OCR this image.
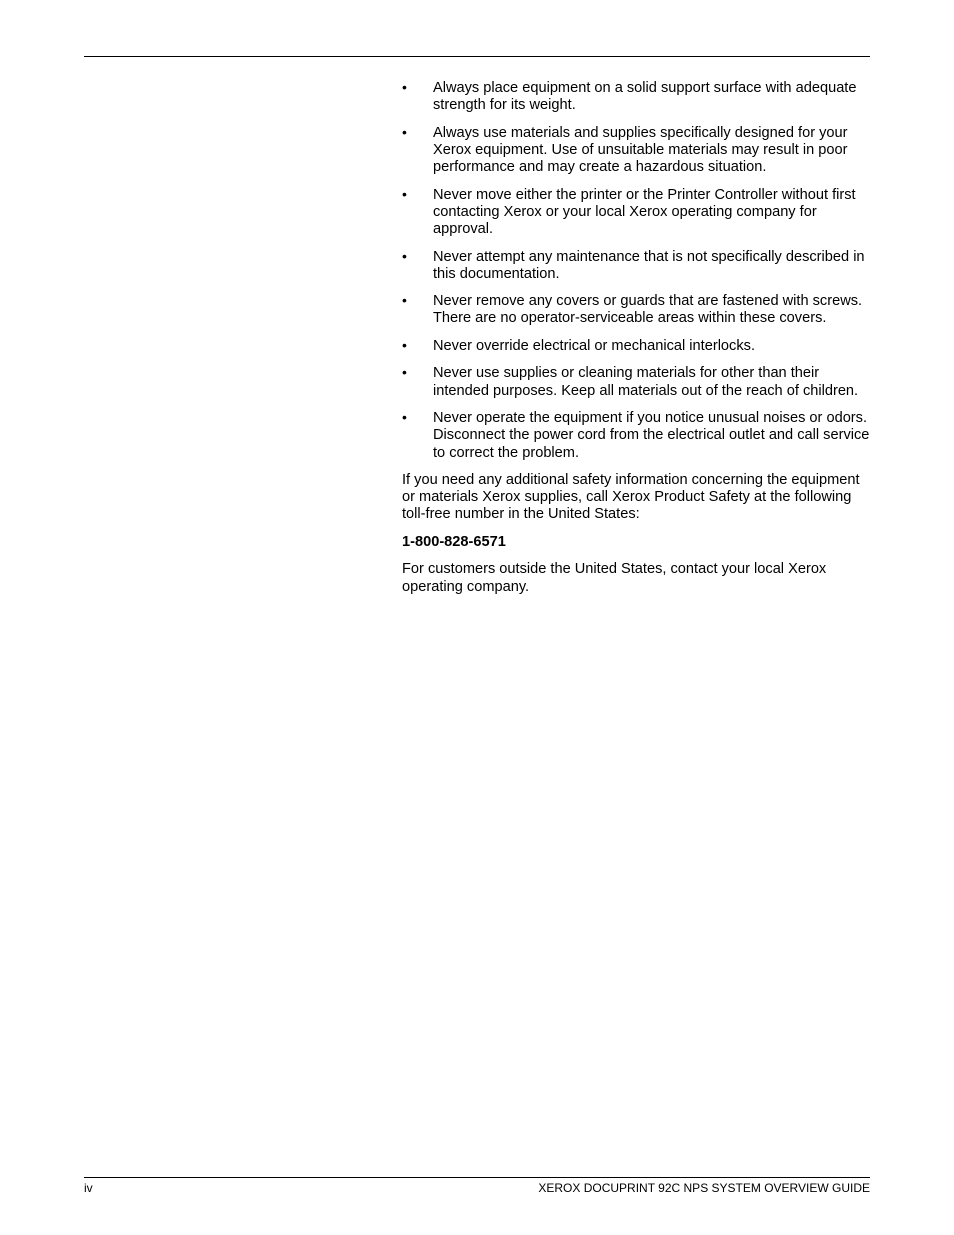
• Always place equipment on a solid support surface with adequate strength for its weight.
• Always use materials and supplies specifically designed for your Xerox equipment. Use of unsuitable materials may result in poor performance and may create a hazardous situation.
• Never move either the printer or the Printer Controller without first contacting Xerox or your local Xerox operating company for approval.
• Never attempt any maintenance that is not specifically described in this documentation.
• Never remove any covers or guards that are fastened with screws. There are no operator-serviceable areas within these covers.
• Never override electrical or mechanical interlocks.
• Never use supplies or cleaning materials for other than their intended purposes. Keep all materials out of the reach of children.
• Never operate the equipment if you notice unusual noises or odors. Disconnect the power cord from the electrical outlet and call service to correct the problem.

If you need any additional safety information concerning the equipment or materials Xerox supplies, call Xerox Product Safety at the following toll-free number in the United States:

1-800-828-6571

For customers outside the United States, contact your local Xerox operating company.

iv	XEROX DOCUPRINT 92C NPS SYSTEM OVERVIEW GUIDE
